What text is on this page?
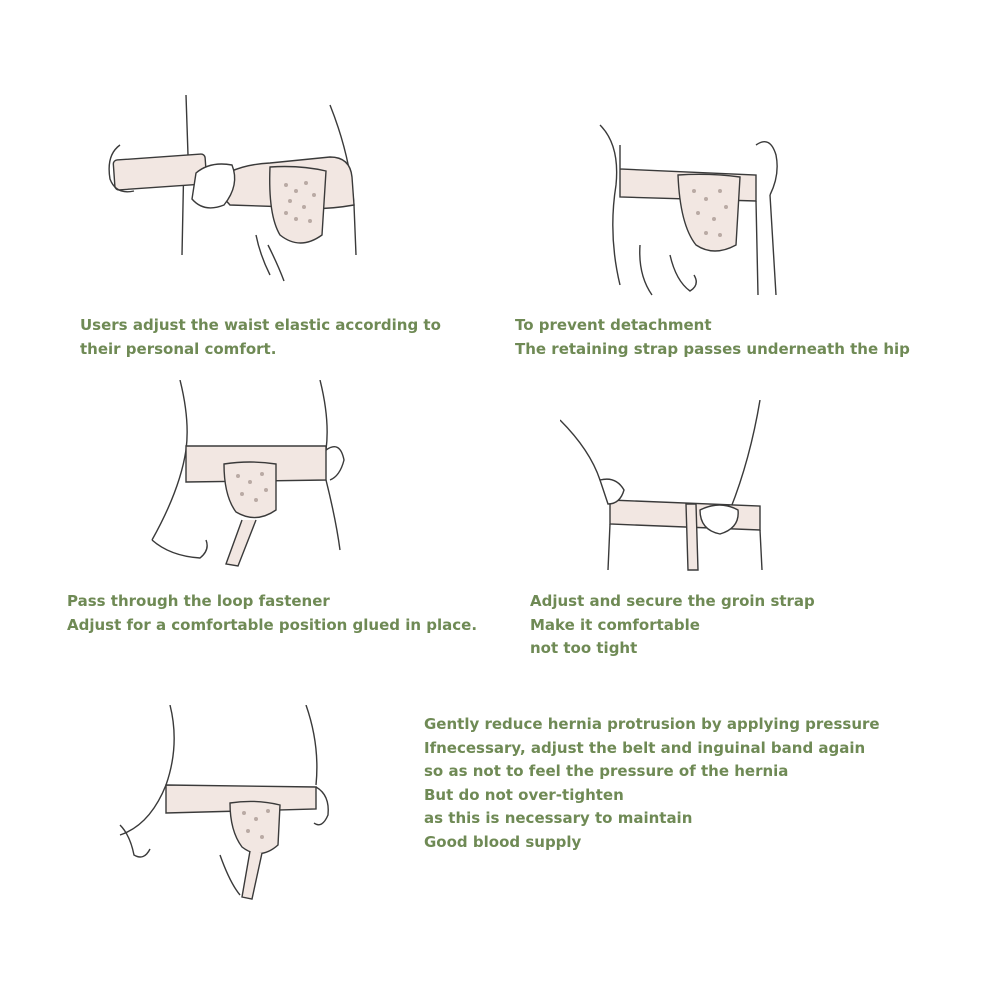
Users adjust the waist elastic according to
their personal comfort.
To prevent detachment
The retaining strap passes underneath the hip
Pass through the loop fastener
Adjust for a comfortable position glued in place.
Adjust and secure the groin strap
Make it comfortable
not too tight
Gently reduce hernia protrusion by applying pressure
Ifnecessary, adjust the belt and inguinal band again
so as not to feel the pressure of the hernia
But do not over-tighten
as this is necessary to maintain
Good blood supply
